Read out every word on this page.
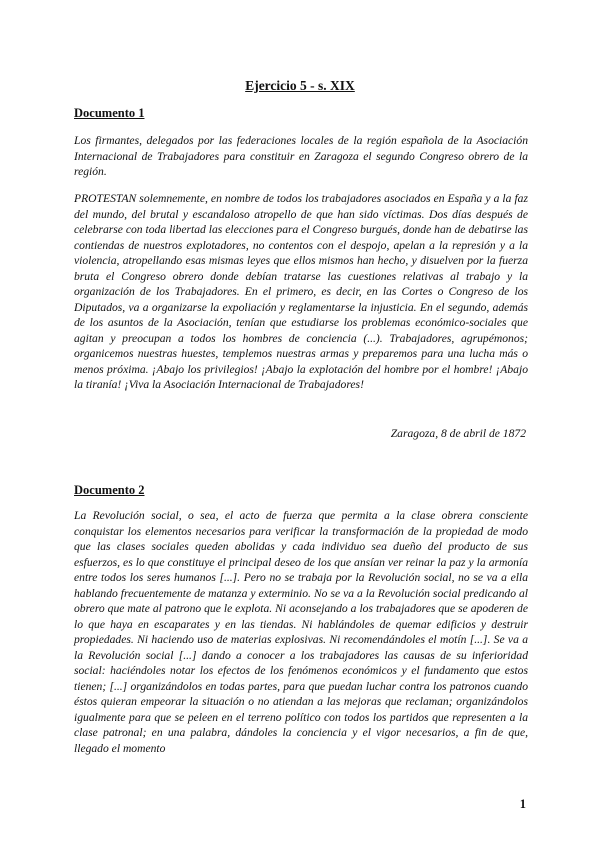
Ejercicio 5 - s. XIX
Documento 1

Los firmantes, delegados por las federaciones locales de la región española de la Asociación Internacional de Trabajadores para constituir en Zaragoza el segundo Congreso obrero de la región.

PROTESTAN solemnemente, en nombre de todos los trabajadores asociados en España y a la faz del mundo, del brutal y escandaloso atropello de que han sido víctimas. Dos días después de celebrarse con toda libertad las elecciones para el Congreso burgués, donde han de debatirse las contiendas de nuestros explotadores, no contentos con el despojo, apelan a la represión y a la violencia, atropellando esas mismas leyes que ellos mismos han hecho, y disuelven por la fuerza bruta el Congreso obrero donde debían tratarse las cuestiones relativas al trabajo y la organización de los Trabajadores. En el primero, es decir, en las Cortes o Congreso de los Diputados, va a organizarse la expoliación y reglamentarse la injusticia. En el segundo, además de los asuntos de la Asociación, tenían que estudiarse los problemas económico-sociales que agitan y preocupan a todos los hombres de conciencia (...). Trabajadores, agrupémonos; organicemos nuestras huestes, templemos nuestras armas y preparemos para una lucha más o menos próxima. ¡Abajo los privilegios! ¡Abajo la explotación del hombre por el hombre! ¡Abajo la tiranía! ¡Viva la Asociación Internacional de Trabajadores!

Zaragoza, 8 de abril de 1872

Documento 2

La Revolución social, o sea, el acto de fuerza que permita a la clase obrera consciente conquistar los elementos necesarios para verificar la transformación de la propiedad de modo que las clases sociales queden abolidas y cada individuo sea dueño del producto de sus esfuerzos, es lo que constituye el principal deseo de los que ansían ver reinar la paz y la armonía entre todos los seres humanos [...]. Pero no se trabaja por la Revolución social, no se va a ella hablando frecuentemente de matanza y exterminio. No se va a la Revolución social predicando al obrero que mate al patrono que le explota. Ni aconsejando a los trabajadores que se apoderen de lo que haya en escaparates y en las tiendas. Ni hablándoles de quemar edificios y destruir propiedades. Ni haciendo uso de materias explosivas. Ni recomendándoles el motín [...]. Se va a la Revolución social [...] dando a conocer a los trabajadores las causas de su inferioridad social: haciéndoles notar los efectos de los fenómenos económicos y el fundamento que estos tienen; [...] organizándolos en todas partes, para que puedan luchar contra los patronos cuando éstos quieran empeorar la situación o no atiendan a las mejoras que reclaman; organizándolos igualmente para que se peleen en el terreno político con todos los partidos que representen a la clase patronal; en una palabra, dándoles la conciencia y el vigor necesarios, a fin de que, llegado el momento

1
